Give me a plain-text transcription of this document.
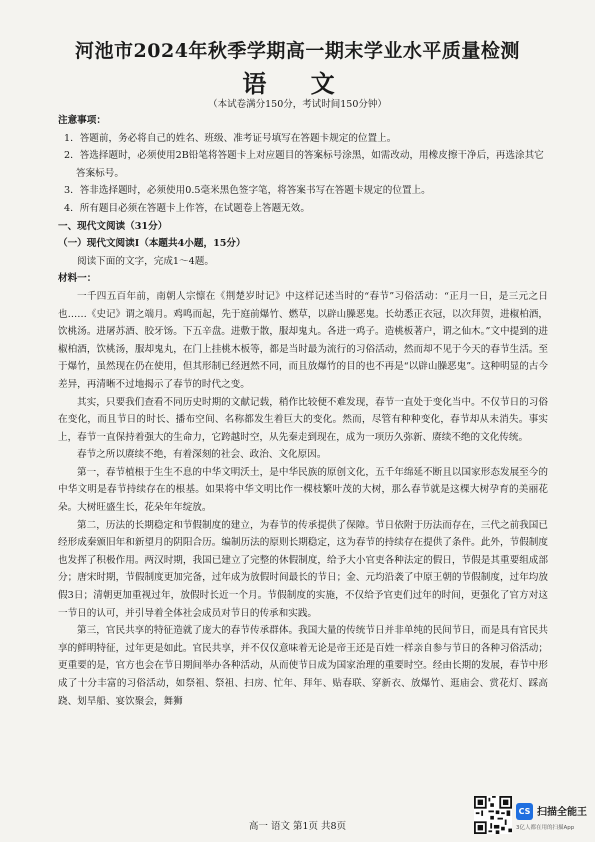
河池市2024年秋季学期高一期末学业水平质量检测
语 文
（本试卷满分150分，考试时间150分钟）

注意事项：

1．答题前，务必将自己的姓名、班级、准考证号填写在答题卡规定的位置上。

2．答选择题时，必须使用2B铅笔将答题卡上对应题目的答案标号涂黑，如需改动，用橡皮擦干净后，再选涂其它答案标号。

3．答非选择题时，必须使用0.5毫米黑色签字笔，将答案书写在答题卡规定的位置上。

4．所有题目必须在答题卡上作答，在试题卷上答题无效。

一、现代文阅读（31分）

（一）现代文阅读Ⅰ（本题共4小题，15分）

阅读下面的文字，完成1～4题。

材料一：

一千四五百年前，南朝人宗懔在《荆楚岁时记》中这样记述当时的“春节”习俗活动：“正月一日，是三元之日也……《史记》谓之端月。鸡鸣而起，先于庭前爆竹、燃草，以辟山臊恶鬼。长幼悉正衣冠，以次拜贺，进椒柏酒，饮桃汤。进屠苏酒、胶牙饧。下五辛盘。进敷于散，服却鬼丸。各进一鸡子。造桃板著户，谓之仙木。”文中提到的进椒柏酒，饮桃汤，服却鬼丸，在门上挂桃木板等，都是当时最为流行的习俗活动，然而却不见于今天的春节生活。至于爆竹，虽然现在仍在使用，但其形制已经迥然不同，而且放爆竹的目的也不再是“以辟山臊恶鬼”。这种明显的古今差异，再清晰不过地揭示了春节的时代之变。

其实，只要我们查看不同历史时期的文献记载，稍作比较便不难发现，春节一直处于变化当中。不仅节日的习俗在变化，而且节日的时长、播布空间、名称都发生着巨大的变化。然而，尽管有种种变化，春节却从未消失。事实上，春节一直保持着强大的生命力，它跨越时空，从先秦走到现在，成为一项历久弥新、赓续不绝的文化传统。

春节之所以赓续不绝，有着深刻的社会、政治、文化原因。

第一，春节植根于生生不息的中华文明沃土，是中华民族的原创文化，五千年绵延不断且以国家形态发展至今的中华文明是春节持续存在的根基。如果将中华文明比作一棵枝繁叶茂的大树，那么春节就是这棵大树孕育的美丽花朵。大树旺盛生长，花朵年年绽放。

第二，历法的长期稳定和节假制度的建立，为春节的传承提供了保障。节日依附于历法而存在，三代之前我国已经形成秦颁旧年和新望月的阴阳合历。编制历法的原则长期稳定，这为春节的持续存在提供了条件。此外，节假制度也发挥了积极作用。两汉时期，我国已建立了完整的休假制度，给予大小官吏各种法定的假日，节假是其重要组成部分；唐宋时期，节假制度更加完备，过年成为放假时间最长的节日；金、元均沿袭了中原王朝的节假制度，过年均放假3日；清朝更加重视过年，放假时长近一个月。节假制度的实施，不仅给予官吏们过年的时间，更强化了官方对这一节日的认可，并引导着全体社会成员对节日的传承和实践。

第三，官民共享的特征造就了庞大的春节传承群体。我国大量的传统节日并非单纯的民间节日，而是具有官民共享的鲜明特征，过年更是如此。官民共享，并不仅仅意味着无论是帝王还是百姓一样亲自参与节日的各种习俗活动；更重要的是，官方也会在节日期间举办各种活动，从而使节日成为国家治理的重要时空。经由长期的发展，春节中形成了十分丰富的习俗活动，如祭祖、祭祖、扫房、忙年、拜年、贴春联、穿新衣、放爆竹、逛庙会、赏花灯、踩高跷、划旱船、宴饮聚会，舞狮

高一 语文 第1页 共8页
CS 扫描全能王
3亿人都在用的扫描App
